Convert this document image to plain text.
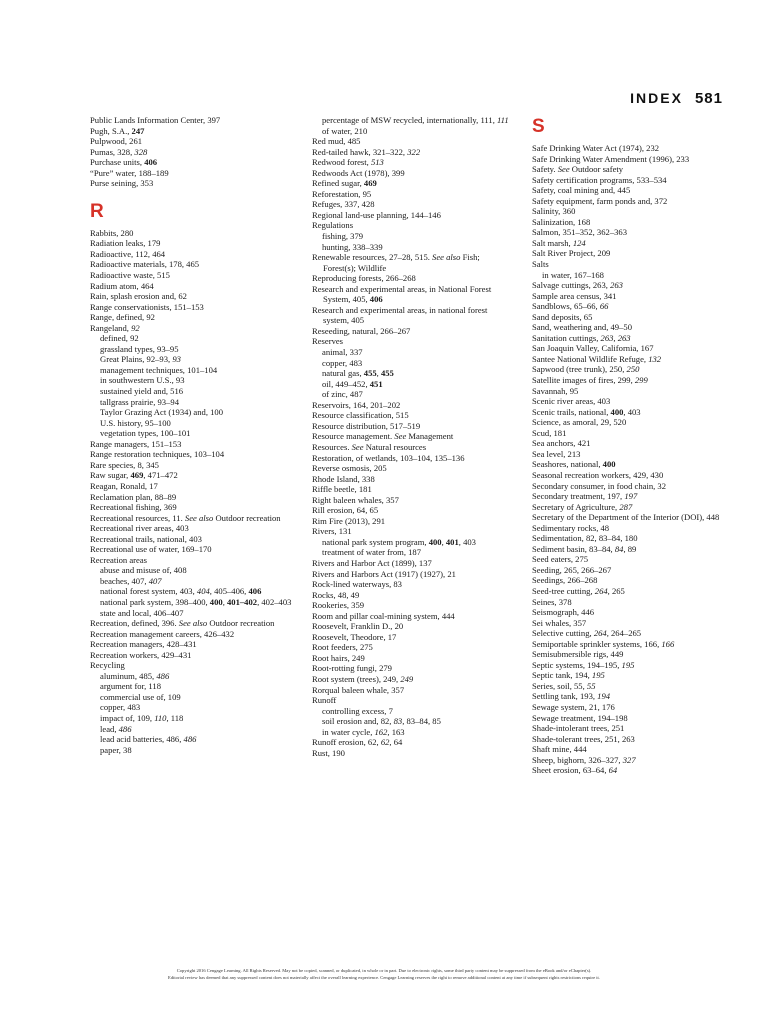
INDEX 581

Public Lands Information Center, 397

Pugh, S.A., 247

Pulpwood, 261

Pumas, 328, 328

Purchase units, 406

“Pure” water, 188–189

Purse seining, 353

R

Rabbits, 280

Radiation leaks, 179

Radioactive, 112, 464

Radioactive materials, 178, 465

Radioactive waste, 515

Radium atom, 464

Rain, splash erosion and, 62

Range conservationists, 151–153

Range, defined, 92

Rangeland, 92

defined, 92

grassland types, 93–95

Great Plains, 92–93, 93

management techniques, 101–104

in southwestern U.S., 93

sustained yield and, 516

tallgrass prairie, 93–94

Taylor Grazing Act (1934) and, 100

U.S. history, 95–100

vegetation types, 100–101

Range managers, 151–153

Range restoration techniques, 103–104

Rare species, 8, 345

Raw sugar, 469, 471–472

Reagan, Ronald, 17

Reclamation plan, 88–89

Recreational fishing, 369

Recreational resources, 11. See also Outdoor recreation

Recreational river areas, 403

Recreational trails, national, 403

Recreational use of water, 169–170

Recreation areas

abuse and misuse of, 408

beaches, 407, 407

national forest system, 403, 404, 405–406, 406

national park system, 398–400, 400, 401–402, 402–403

state and local, 406–407

Recreation, defined, 396. See also Outdoor recreation

Recreation management careers, 426–432

Recreation managers, 428–431

Recreation workers, 429–431

Recycling

aluminum, 485, 486

argument for, 118

commercial use of, 109

copper, 483

impact of, 109, 110, 118

lead, 486

lead acid batteries, 486, 486

paper, 38

percentage of MSW recycled, internationally, 111, 111

of water, 210

Red mud, 485

Red-tailed hawk, 321–322, 322

Redwood forest, 513

Redwoods Act (1978), 399

Refined sugar, 469

Reforestation, 95

Refuges, 337, 428

Regional land-use planning, 144–146

Regulations

fishing, 379

hunting, 338–339

Renewable resources, 27–28, 515. See also Fish; Forest(s); Wildlife

Reproducing forests, 266–268

Research and experimental areas, in National Forest System, 405, 406

Research and experimental areas, in national forest system, 405

Reseeding, natural, 266–267

Reserves

animal, 337

copper, 483

natural gas, 455, 455

oil, 449–452, 451

of zinc, 487

Reservoirs, 164, 201–202

Resource classification, 515

Resource distribution, 517–519

Resource management. See Management

Resources. See Natural resources

Restoration, of wetlands, 103–104, 135–136

Reverse osmosis, 205

Rhode Island, 338

Riffle beetle, 181

Right baleen whales, 357

Rill erosion, 64, 65

Rim Fire (2013), 291

Rivers, 131

national park system program, 400, 401, 403

treatment of water from, 187

Rivers and Harbor Act (1899), 137

Rivers and Harbors Act (1917) (1927), 21

Rock-lined waterways, 83

Rocks, 48, 49

Rookeries, 359

Room and pillar coal-mining system, 444

Roosevelt, Franklin D., 20

Roosevelt, Theodore, 17

Root feeders, 275

Root hairs, 249

Root-rotting fungi, 279

Root system (trees), 249, 249

Rorqual baleen whale, 357

Runoff

controlling excess, 7

soil erosion and, 82, 83, 83–84, 85

in water cycle, 162, 163

Runoff erosion, 62, 62, 64

Rust, 190

S

Safe Drinking Water Act (1974), 232

Safe Drinking Water Amendment (1996), 233

Safety. See Outdoor safety

Safety certification programs, 533–534

Safety, coal mining and, 445

Safety equipment, farm ponds and, 372

Salinity, 360

Salinization, 168

Salmon, 351–352, 362–363

Salt marsh, 124

Salt River Project, 209

Salts

in water, 167–168

Salvage cuttings, 263, 263

Sample area census, 341

Sandblows, 65–66, 66

Sand deposits, 65

Sand, weathering and, 49–50

Sanitation cuttings, 263, 263

San Joaquin Valley, California, 167

Santee National Wildlife Refuge, 132

Sapwood (tree trunk), 250, 250

Satellite images of fires, 299, 299

Savannah, 95

Scenic river areas, 403

Scenic trails, national, 400, 403

Science, as amoral, 29, 520

Scud, 181

Sea anchors, 421

Sea level, 213

Seashores, national, 400

Seasonal recreation workers, 429, 430

Secondary consumer, in food chain, 32

Secondary treatment, 197, 197

Secretary of Agriculture, 287

Secretary of the Department of the Interior (DOI), 448

Sedimentary rocks, 48

Sedimentation, 82, 83–84, 180

Sediment basin, 83–84, 84, 89

Seed eaters, 275

Seeding, 265, 266–267

Seedings, 266–268

Seed-tree cutting, 264, 265

Seines, 378

Seismograph, 446

Sei whales, 357

Selective cutting, 264, 264–265

Semiportable sprinkler systems, 166, 166

Semisubmersible rigs, 449

Septic systems, 194–195, 195

Septic tank, 194, 195

Series, soil, 55, 55

Settling tank, 193, 194

Sewage system, 21, 176

Sewage treatment, 194–198

Shade-intolerant trees, 251

Shade-tolerant trees, 251, 263

Shaft mine, 444

Sheep, bighorn, 326–327, 327

Sheet erosion, 63–64, 64

Copyright 2016 Cengage Learning. All Rights Reserved. May not be copied, scanned, or duplicated, in whole or in part. Due to electronic rights, some third party content may be suppressed from the eBook and/or eChapter(s).
Editorial review has deemed that any suppressed content does not materially affect the overall learning experience. Cengage Learning reserves the right to remove additional content at any time if subsequent rights restrictions require it.
